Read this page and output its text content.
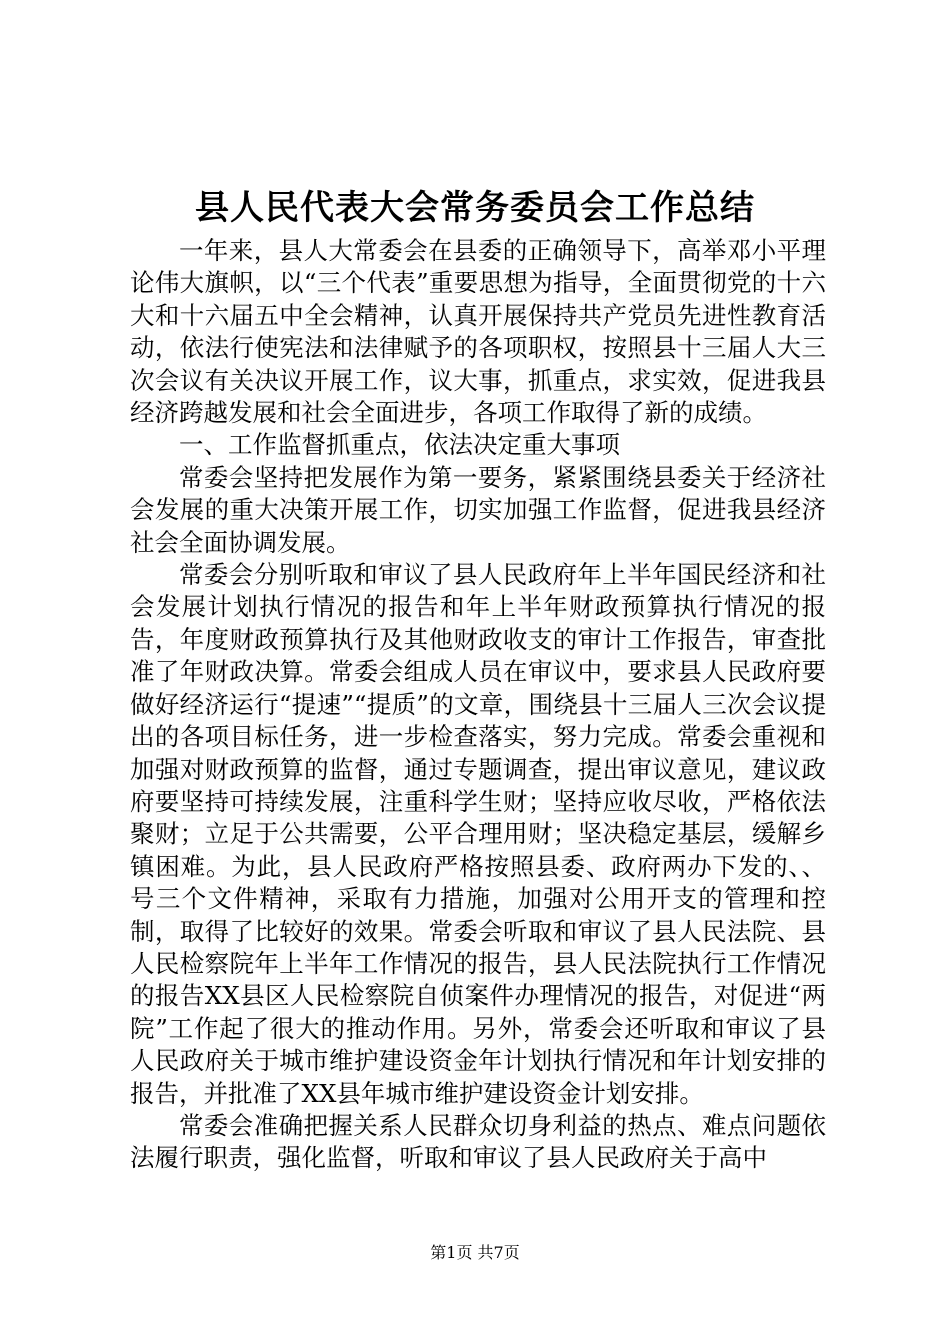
县人民代表大会常务委员会工作总结

一年来，县人大常委会在县委的正确领导下，高举邓小平理论伟大旗帜，以“三个代表”重要思想为指导，全面贯彻党的十六大和十六届五中全会精神，认真开展保持共产党员先进性教育活动，依法行使宪法和法律赋予的各项职权，按照县十三届人大三次会议有关决议开展工作，议大事，抓重点，求实效，促进我县经济跨越发展和社会全面进步，各项工作取得了新的成绩。

一、工作监督抓重点，依法决定重大事项

常委会坚持把发展作为第一要务，紧紧围绕县委关于经济社会发展的重大决策开展工作，切实加强工作监督，促进我县经济社会全面协调发展。

常委会分别听取和审议了县人民政府年上半年国民经济和社会发展计划执行情况的报告和年上半年财政预算执行情况的报告，年度财政预算执行及其他财政收支的审计工作报告，审查批准了年财政决算。常委会组成人员在审议中，要求县人民政府要做好经济运行“提速”“提质”的文章，围绕县十三届人三次会议提出的各项目标任务，进一步检查落实，努力完成。常委会重视和加强对财政预算的监督，通过专题调查，提出审议意见，建议政府要坚持可持续发展，注重科学生财；坚持应收尽收，严格依法聚财；立足于公共需要，公平合理用财；坚决稳定基层，缓解乡镇困难。为此，县人民政府严格按照县委、政府两办下发的、、号三个文件精神，采取有力措施，加强对公用开支的管理和控制，取得了比较好的效果。常委会听取和审议了县人民法院、县人民检察院年上半年工作情况的报告，县人民法院执行工作情况的报告XX县区人民检察院自侦案件办理情况的报告，对促进“两院”工作起了很大的推动作用。另外，常委会还听取和审议了县人民政府关于城市维护建设资金年计划执行情况和年计划安排的报告，并批准了XX县年城市维护建设资金计划安排。

常委会准确把握关系人民群众切身利益的热点、难点问题依法履行职责，强化监督，听取和审议了县人民政府关于高中

第1页 共7页
